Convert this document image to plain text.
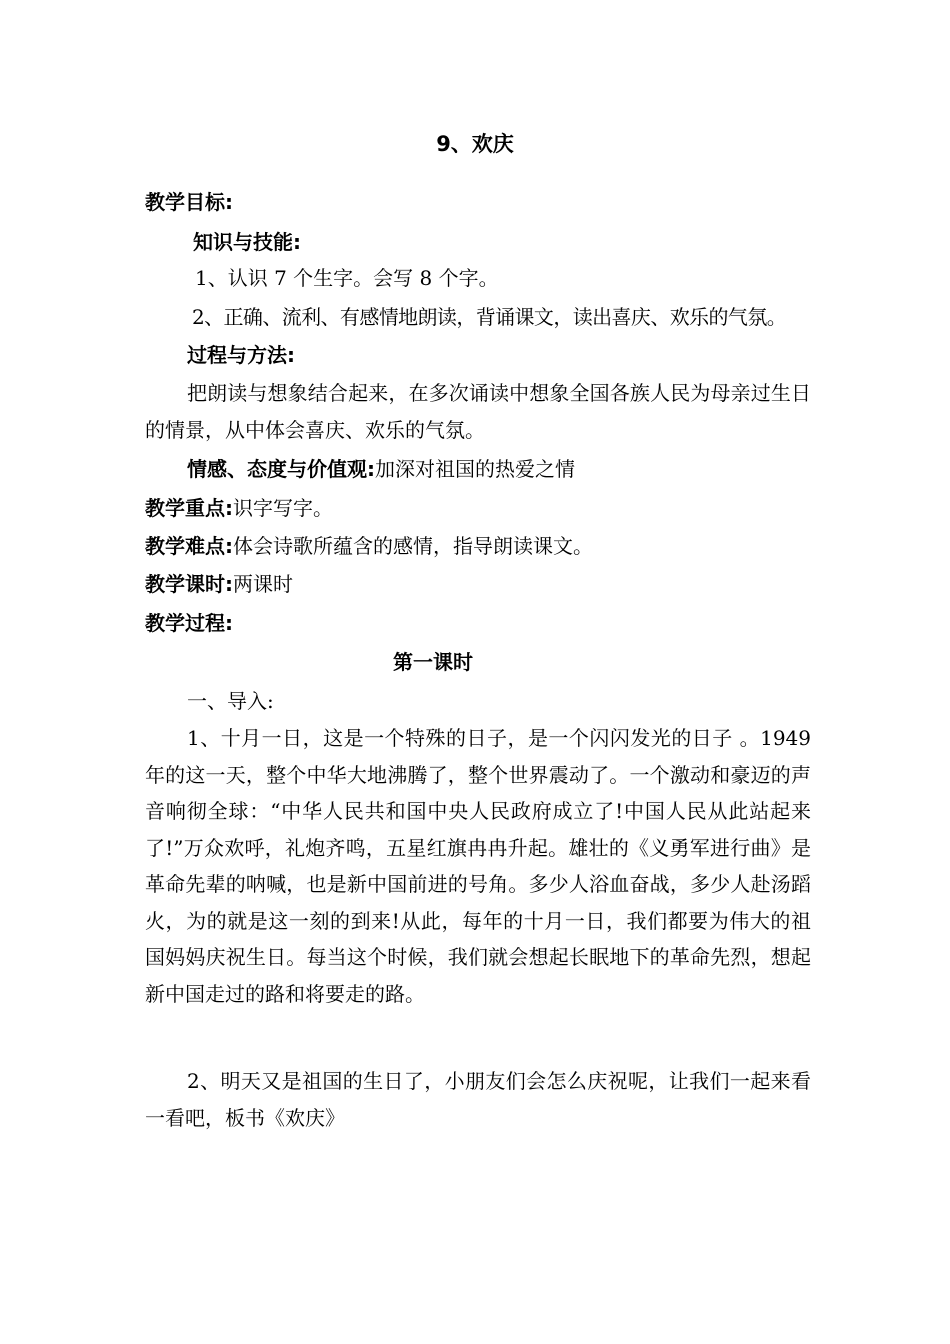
9、欢庆
教学目标:
知识与技能:
1、认识 7 个生字。会写 8 个字。
2、正确、流利、有感情地朗读，背诵课文，读出喜庆、欢乐的气氛。
过程与方法:
把朗读与想象结合起来，在多次诵读中想象全国各族人民为母亲过生日的情景，从中体会喜庆、欢乐的气氛。
情感、态度与价值观:加深对祖国的热爱之情
教学重点:识字写字。
教学难点:体会诗歌所蕴含的感情，指导朗读课文。
教学课时:两课时
教学过程:
第一课时
一、导入:
1、十月一日，这是一个特殊的日子，是一个闪闪发光的日子 。1949 年的这一天，整个中华大地沸腾了，整个世界震动了。一个激动和豪迈的声音响彻全球：“中华人民共和国中央人民政府成立了!中国人民从此站起来了!”万众欢呼，礼炮齐鸣，五星红旗冉冉升起。雄壮的《义勇军进行曲》是革命先辈的呐喊，也是新中国前进的号角。多少人浴血奋战，多少人赴汤蹈火，为的就是这一刻的到来!从此，每年的十月一日，我们都要为伟大的祖国妈妈庆祝生日。每当这个时候，我们就会想起长眠地下的革命先烈，想起新中国走过的路和将要走的路。
2、明天又是祖国的生日了，小朋友们会怎么庆祝呢，让我们一起来看一看吧，板书《欢庆》
